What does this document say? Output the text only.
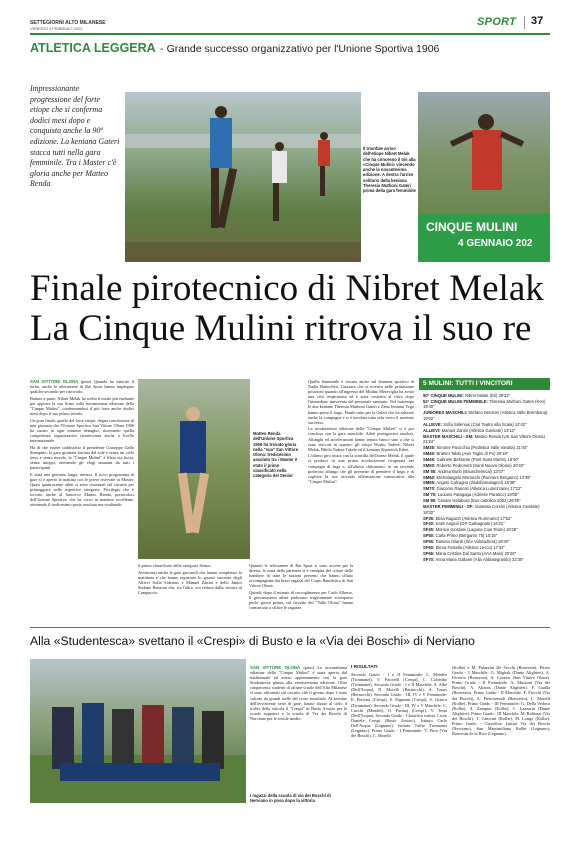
SETTEGIORNI ALTO MILANESE
VENERDÌ 4 FEBBRAIO 2022
SPORT 37
ATLETICA LEGGERA - Grande successo organizzativo per l'Unione Sportiva 1906
Impressionante progressione del forte etiope che si conferma dodici mesi dopo e conquista anche la 90ª edizione. La keniana Gateri stacca tutti nella gara femminile. Tra i Master c'è gloria anche per Matteo Renda
Il trionfale arrivo dell'etiope Nibret Melak che ha concesso il bis alla «Cinque Mulini» vincendo anche la novantesima edizione. A destra l'arrivo solitario della keniana Theresia Muthoni Gateri prima della gara femminile
CINQUE MULINI
4 GENNAIO 202
Finale pirotecnico di Nibret Melak
La Cinque Mulini ritrova il suo re

SAN VITTORE OLONA (pmu) Quando ha inserito il turbo, anche le telecamere di Rai Sport hanno impiegato qualche secondo per ritrovarlo.

Battute a parte, Nibret Melak ha scelto il modo più esaltante per apporre la sua firma sulla novantesima edizione della "Cinque Mulini", confermandosi il più forte anche dodici mesi dopo il suo primo trionfo.

Un gran finale, quello del forte etiope, degna conclusione di una giornata che l'Unione Sportiva San Vittore Olona 1906 ha curato in ogni minimo dettaglio, ritrovando quella competenza organizzativa riconosciuta anche a livello internazionale.

Ha di che essere soddisfatto il presidente Giuseppe Gallo Stampino: la gara giornata baciata dal sole e senza un cielo terso e senza nuvole, la "Cinque Mulini" è filata via liscia, senza intoppi, ottenendo gli elogi unanimi da tutti i partecipanti.

E stata una giornata lunga, intensa. Il ricco programma di gare si è aperto la mattina con le prove riservate ai Master. Quasi quattrocento atleti si sono cimentati sul circuito per primeggiare nelle rispettive categorie. Privilegio che è toccato anche al bustocco Matteo Renda, portacolori dell'Unione Sportiva, che ha corso in maniera eccellente, ottenendo il tredicesimo posto assoluto ma risultando

Matteo Renda dell'Unione Sportiva 1906 ha trovato gloria nella "sua" San Vittore Olona: tredicesimo assoluto tra i Master è stato il primo classificato nella categoria dei Senior

il primo classificato della categoria Senior.

Avvincenti anche le gare giovanili che hanno completato la mattinata e che hanno registrato lo spunto vincente degli Allievi Sofia Sidenius e Manuel Zanini e dello Junior Stefano Benzoni che, tra l'altro, era reduce dalla vittoria al Campaccio.

Quando le telecamere di Rai Sport si sono accese per la diretta, la zona della partenza si è riempita del colore delle bandiere di tutte le nazioni presenti che hanno sfilato accompagnate dai bravi ragazzi del Corpo Bandistico di San Vittore Olona.

Quindi, dopo il minuto di raccoglimento per Carlo Alberto, il giovanissimo atleta padovano tragicamente scomparso pochi giorni prima, sul circuito del "Valle Olona" hanno cominciato a sfilare le ragazze.

Quella femminile è vissuta anche sul dramma sportivo di Nadia Battocletti, l'azzurra che si trovava nelle primissime posizioni quando all'ingresso del Mulino Meraviglia ha avuto una crisi respiratoria ed è stata costretta al ritiro dopo l'immediato intervento del personale sanitario. Nel frattempo le due keniane Theresia Muthoni Gateri e Zena Jemutai Yego hanno preso il largo. Finale tutto per la Gateri che ha salutato anche la compagna e si è involata tutta sola verso il meritato successo.

La novantesima edizione della "Cinque Mulini" si è poi conclusa con la gara maschile. Atleti protagonisti assoluti. Allunghi ed accelerazioni hanno tenuto banco sino a che si sono staccati in quattro: gli etiopi Worku Tadese, Nibret Melak, Bikila Tadese Takele ed il keniano Kiprotich Kibet.

L'ultimo giro inizia con la scintilla dell'atteso Melak, il quale si produce in una prima accelerazione ricuperata nei compagni di fuga e, all'ultimo chilometro, in un secondo poderoso allungo che gli permette di prendere il largo e di cogliere la sua seconda affermazione consecutiva alla "Cinque Mulini".

5 MULINI: TUTTI I VINCITORI
90° CINQUE MULINI: Nibret Melak (Eti) 28'33"
52° CINQUE MULINI FEMMINILE: Theresia Muthoni Gateri (Ken) 19'40"
JUNIORES MASCHILI: Stefano Benzoni (Atletica Valle Brembana) 19'02"
ALLIEVE: Sofia Sidenius (Cral Teatro alla Scala) 14'42"
ALLIEVI: Manuel Zanini (Atletica Gavirate) 13'13"
MASTER MASCHILI - SM: Matteo Renda (US San Vittore Olona) 21'24"
SM35: Simone Pacicchia (Podistica Valle Varaita) 21'44"
SM40: Brahim Talab (Avis Taglio di Po) 20'18"
SM45: Gabriele Beltrame (Pont Saint Martin) 19'40"
SM50: Roberto Pedronetti (Santi Nuova Olonio) 20'40"
SM 55: Andrea Burlo (Bauschemical) 13'47"
SM60: Michelangelo Moriacchi (Runners Bergamo) 14'35"
SM65: Angelo Calcagno (Zadofiamalagnoi) 16'38"
SM70: Giacomo Rancati (Atletica Lumezzane) 17'22"
SM 75: Luciano Fatagaga (Adriese Paratico) 18'06"
SM 80: Cesare Isolabora (Eus cattolica 2002) 26'49"
MASTER FEMMINILI - SF: Vanessa Corsini (Atletica Gessate) 18'32"
SF35: Elisa Ragazzi (Atletica Rummario) 17'52"
SF40: Katin Angioli (GP Garbagnate) 16'21"
SF45: Monica Giordani (Laguna Cius Team) 16'29"
SF50: Carla Primo (Bergamo 75) 15'15"
SF55: Daniela Gilardi (Sev Valmadrera) 18'30"
SF60: Elena Fustella (Atletica Lecco) 17'42"
SF65: Maria Cristina Dal Santo (AAA Malo) 20'28"
SF70: Anna Maria Gallarin (Alia Abbiategrasso) 22'30"
Alla «Studentesca» svettano il «Crespi» di Busto e la «Via dei Boschi» di Nerviano
I ragazzi della scuola di via dei Boschi di Nerviano in posa dopo la vittoria

SAN VITTORE OLONA (pmu) La novantesima edizione della "Cinque Mulini" è stata aperta dal tradizionale ed atteso appuntamento con la gara Studentesca giunta alla ventiseiesima edizione. Oltre cinquecento studenti di alcune scuole dell'Alto Milanese si sono affrontati sul circuito che il giorno dopo è stato calcato da grandi stelle del cross mondiale. Al termine dell'avvincente serie di gare, hanno alzato al cielo il trofeo della vittoria il "Crespi" di Busto Arsizio per le scuole superiori e la scuola di Via dei Boschi di Nerviano per le scuole medie.

I RISULTATI
Secondo Grado - I e II Femminile: L. Mendez (Tirinnanzi), V. Paricelli (Crespi), C. Colombo (Tirinnanzi). Secondo Grado - I e II Maschile: S. Albé (Dell'Acqua), D. Morelli (Bernocchi), A. Tassis (Bernocchi). Secondo Grado - III, IV e V Femminile: E. Pericasi (Crespi), S. Pagnami (Crespi), S. Grasca (Tirinnanzi). Secondo Grado - III, IV e V Maschile: C. Cucchi (Mendel), O. Farinaj (Crespi), V. Testa (Dell'Acqua). Secondo Grado - Classifica istituti: Liceo Daniele Crespi (Busto Arsizio), Istituto Carlo Dell'Acqua (Legnano), Istituto Tullio Tirinnanzi (Legnano). Primo Grado - I Femminile: V. Pirre (Via dei Boschi), C. Morelli
(Kolbe) e M. Palazzini De Vecchi (Bonvesin). Primo Grado - I Maschile: G. Mighali (Dante Alighieri), A. Ferrario (Bonvesin), A. Corazzi (San Vittore Olona). Primo Grado - II Femminile: A. Mussoni (Via dei Boschi), A. Alfaras (Dante Alighieri), F. Gualla (Bonvesin). Primo Grado - II Maschile: F. Fiocchi (Via dei Boschi), A. Pietrosemoli (Bonvesin), L. Morelli (Kolbe). Primo Grado - III Femminile: G. Della Vedova (Kolbe), A. Zampini (Kolbe), C. Lazzarin (Dante Alighieri). Primo Grado - III Maschile: M. Raffuzzi (Via dei Boschi), T. Cancrini (Kolbe), M. Longo (Kolbe). Primo Grado - Classifica: Istituti Via dei Boschi (Nerviano), San Massimiliano Kolbe (Legnano), Bonvesin de la Riva (Legnano).
